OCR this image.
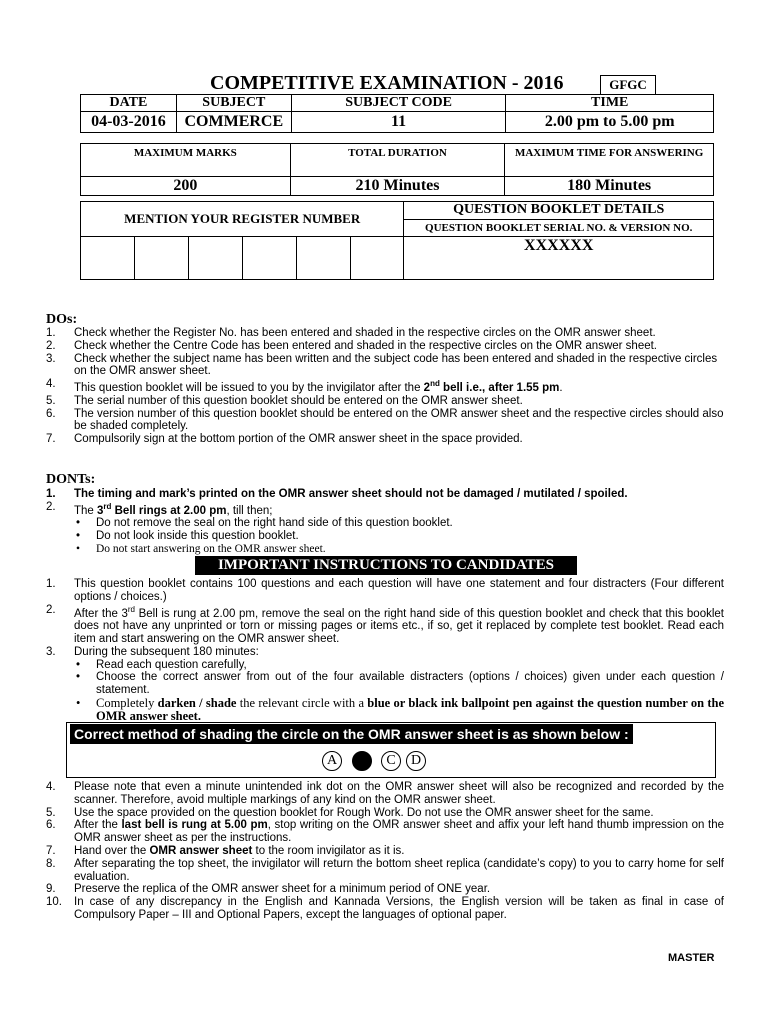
COMPETITIVE EXAMINATION - 2016	GFGC
DATE	SUBJECT	SUBJECT CODE	TIME
04-03-2016	COMMERCE	11	2.00 pm to 5.00 pm
MAXIMUM MARKS	TOTAL DURATION	MAXIMUM TIME FOR ANSWERING
200	210 Minutes	180 Minutes
MENTION YOUR REGISTER NUMBER						QUESTION BOOKLET DETAILS
						QUESTION BOOKLET SERIAL NO. & VERSION NO.
						XXXXXX
DOs:
1.	Check whether the Register No. has been entered and shaded in the respective circles on the OMR answer sheet.
2.	Check whether the Centre Code has been entered and shaded in the respective circles on the OMR answer sheet.
3.	Check whether the subject name has been written and the subject code has been entered and shaded in the respective circles on the OMR answer sheet.
4.	This question booklet will be issued to you by the invigilator after the 2nd bell i.e., after 1.55 pm.
5.	The serial number of this question booklet should be entered on the OMR answer sheet.
6.	The version number of this question booklet should be entered on the OMR answer sheet and the respective circles should also be shaded completely.
7.	Compulsorily sign at the bottom portion of the OMR answer sheet in the space provided.
DONTs:
1.	The timing and mark’s printed on the OMR answer sheet should not be damaged / mutilated / spoiled.
2.	The 3rd Bell rings at 2.00 pm, till then;
• Do not remove the seal on the right hand side of this question booklet.
• Do not look inside this question booklet.
• Do not start answering on the OMR answer sheet.
IMPORTANT INSTRUCTIONS TO CANDIDATES
1.	This question booklet contains 100 questions and each question will have one statement and four distracters (Four different options / choices.)
2.	After the 3rd Bell is rung at 2.00 pm, remove the seal on the right hand side of this question booklet and check that this booklet does not have any unprinted or torn or missing pages or items etc., if so, get it replaced by complete test booklet. Read each item and start answering on the OMR answer sheet.
3.	During the subsequent 180 minutes:
• Read each question carefully,
• Choose the correct answer from out of the four available distracters (options / choices) given under each question / statement.
• Completely darken / shade the relevant circle with a blue or black ink ballpoint pen against the question number on the OMR answer sheet.
Correct method of shading the circle on the OMR answer sheet is as shown below :
A	C	D
4.	Please note that even a minute unintended ink dot on the OMR answer sheet will also be recognized and recorded by the scanner. Therefore, avoid multiple markings of any kind on the OMR answer sheet.
5.	Use the space provided on the question booklet for Rough Work. Do not use the OMR answer sheet for the same.
6.	After the last bell is rung at 5.00 pm, stop writing on the OMR answer sheet and affix your left hand thumb impression on the OMR answer sheet as per the instructions.
7.	Hand over the OMR answer sheet to the room invigilator as it is.
8.	After separating the top sheet, the invigilator will return the bottom sheet replica (candidate’s copy) to you to carry home for self evaluation.
9.	Preserve the replica of the OMR answer sheet for a minimum period of ONE year.
10.	In case of any discrepancy in the English and Kannada Versions, the English version will be taken as final in case of Compulsory Paper – III and Optional Papers, except the languages of optional paper.
MASTER
